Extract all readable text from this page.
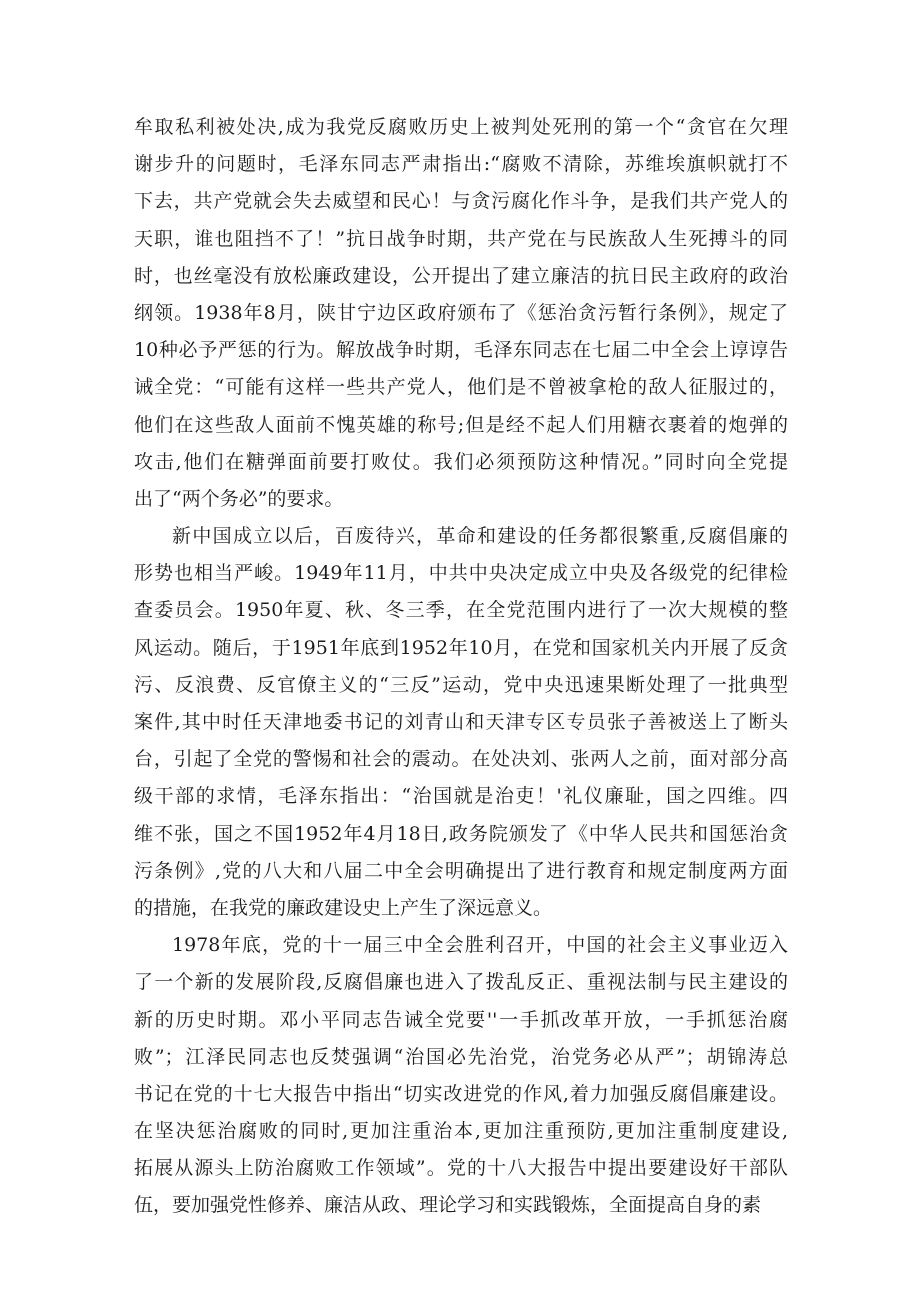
牟取私利被处决,成为我党反腐败历史上被判处死刑的第一个“贪官在欠理
谢步升的问题时，毛泽东同志严肃指出:“腐败不清除，苏维埃旗帜就打不
下去，共产党就会失去威望和民心！与贪污腐化作斗争，是我们共产党人的
天职，谁也阻挡不了！”抗日战争时期，共产党在与民族敌人生死搏斗的同
时，也丝毫没有放松廉政建设，公开提出了建立廉洁的抗日民主政府的政治
纲领。1938年8月，陕甘宁边区政府颁布了《惩治贪污暂行条例》，规定了
10种必予严惩的行为。解放战争时期，毛泽东同志在七届二中全会上谆谆告
诫全党：“可能有这样一些共产党人，他们是不曾被拿枪的敌人征服过的，
他们在这些敌人面前不愧英雄的称号;但是经不起人们用糖衣裹着的炮弹的
攻击,他们在糖弹面前要打败仗。我们必须预防这种情况。”同时向全党提
出了“两个务必”的要求。
新中国成立以后，百废待兴，革命和建设的任务都很繁重,反腐倡廉的
形势也相当严峻。1949年11月，中共中央决定成立中央及各级党的纪律检
查委员会。1950年夏、秋、冬三季，在全党范围内进行了一次大规模的整
风运动。随后，于1951年底到1952年10月，在党和国家机关内开展了反贪
污、反浪费、反官僚主义的“三反”运动，党中央迅速果断处理了一批典型
案件,其中时任天津地委书记的刘青山和天津专区专员张子善被送上了断头
台，引起了全党的警惕和社会的震动。在处决刘、张两人之前，面对部分高
级干部的求情，毛泽东指出：“治国就是治吏！'礼仪廉耻，国之四维。四
维不张，国之不国1952年4月18日,政务院颁发了《中华人民共和国惩治贪
污条例》,党的八大和八届二中全会明确提出了进行教育和规定制度两方面
的措施，在我党的廉政建设史上产生了深远意义。
1978年底，党的十一届三中全会胜利召开，中国的社会主义事业迈入
了一个新的发展阶段,反腐倡廉也进入了拨乱反正、重视法制与民主建设的
新的历史时期。邓小平同志告诫全党要''一手抓改革开放，一手抓惩治腐
败”；江泽民同志也反焚强调“治国必先治党，治党务必从严”；胡锦涛总
书记在党的十七大报告中指出“切实改进党的作风,着力加强反腐倡廉建设。
在坚决惩治腐败的同时,更加注重治本,更加注重预防,更加注重制度建设,
拓展从源头上防治腐败工作领域”。党的十八大报告中提出要建设好干部队
伍，要加强党性修养、廉洁从政、理论学习和实践锻炼，全面提高自身的素
